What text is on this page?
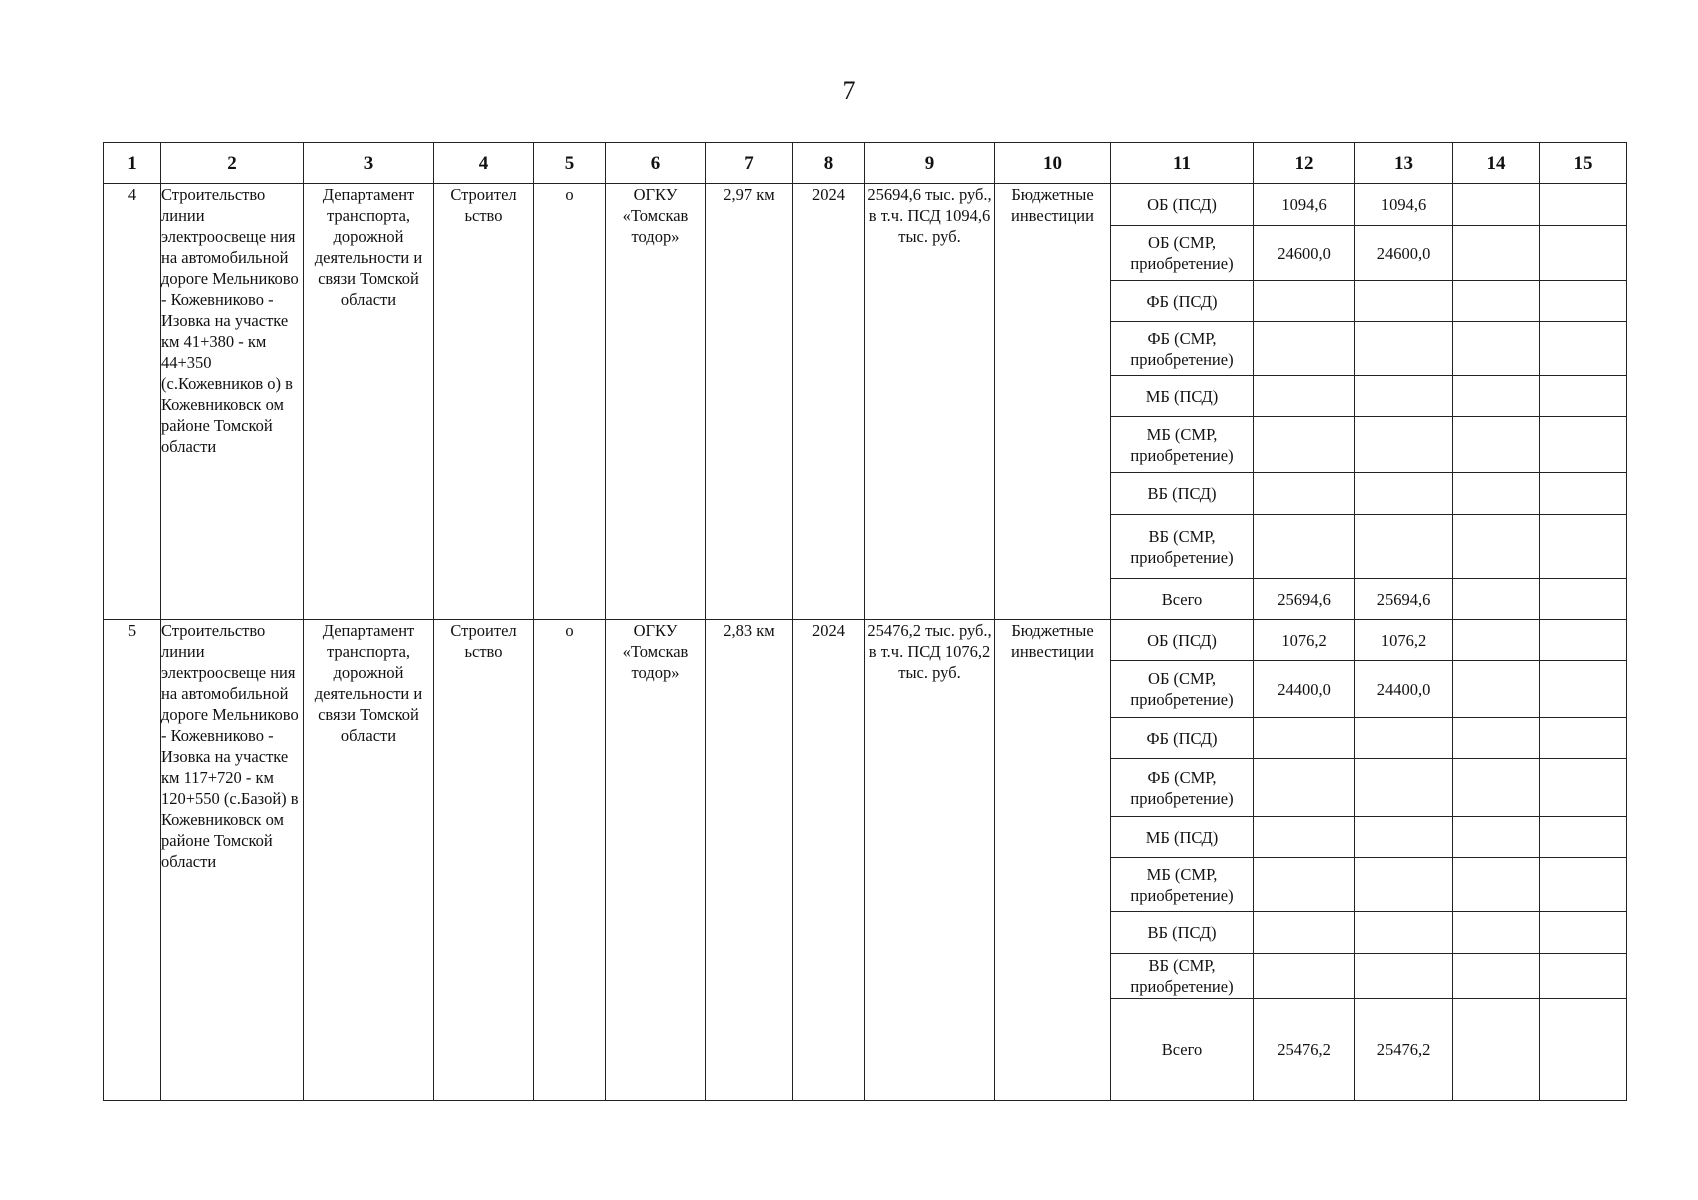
7
1	2	3	4	5	6	7	8	9	10	11	12	13	14	15
4	Строительство линии электроосвеще ния на автомобильной дороге Мельниково - Кожевниково - Изовка на участке км 41+380 - км 44+350 (с.Кожевников о) в Кожевниковск ом районе Томской области	Департамент транспорта, дорожной деятельности и связи Томской области	Строител ьство	о	ОГКУ «Томскав тодор»	2,97 км	2024	25694,6 тыс. руб., в т.ч. ПСД 1094,6 тыс. руб.	Бюджетные инвестиции	ОБ (ПСД)	1094,6	1094,6		
										ОБ (СМР, приобретение)	24600,0	24600,0		
										ФБ (ПСД)				
										ФБ (СМР, приобретение)				
										МБ (ПСД)				
										МБ (СМР, приобретение)				
										ВБ (ПСД)				
										ВБ (СМР, приобретение)				
										Всего	25694,6	25694,6		
5	Строительство линии электроосвеще ния на автомобильной дороге Мельниково - Кожевниково - Изовка на участке км 117+720 - км 120+550 (с.Базой) в Кожевниковск ом районе Томской области	Департамент транспорта, дорожной деятельности и связи Томской области	Строител ьство	о	ОГКУ «Томскав тодор»	2,83 км	2024	25476,2 тыс. руб., в т.ч. ПСД 1076,2 тыс. руб.	Бюджетные инвестиции	ОБ (ПСД)	1076,2	1076,2		
										ОБ (СМР, приобретение)	24400,0	24400,0		
										ФБ (ПСД)				
										ФБ (СМР, приобретение)				
										МБ (ПСД)				
										МБ (СМР, приобретение)				
										ВБ (ПСД)				
										ВБ (СМР, приобретение)				
										Всего	25476,2	25476,2		
